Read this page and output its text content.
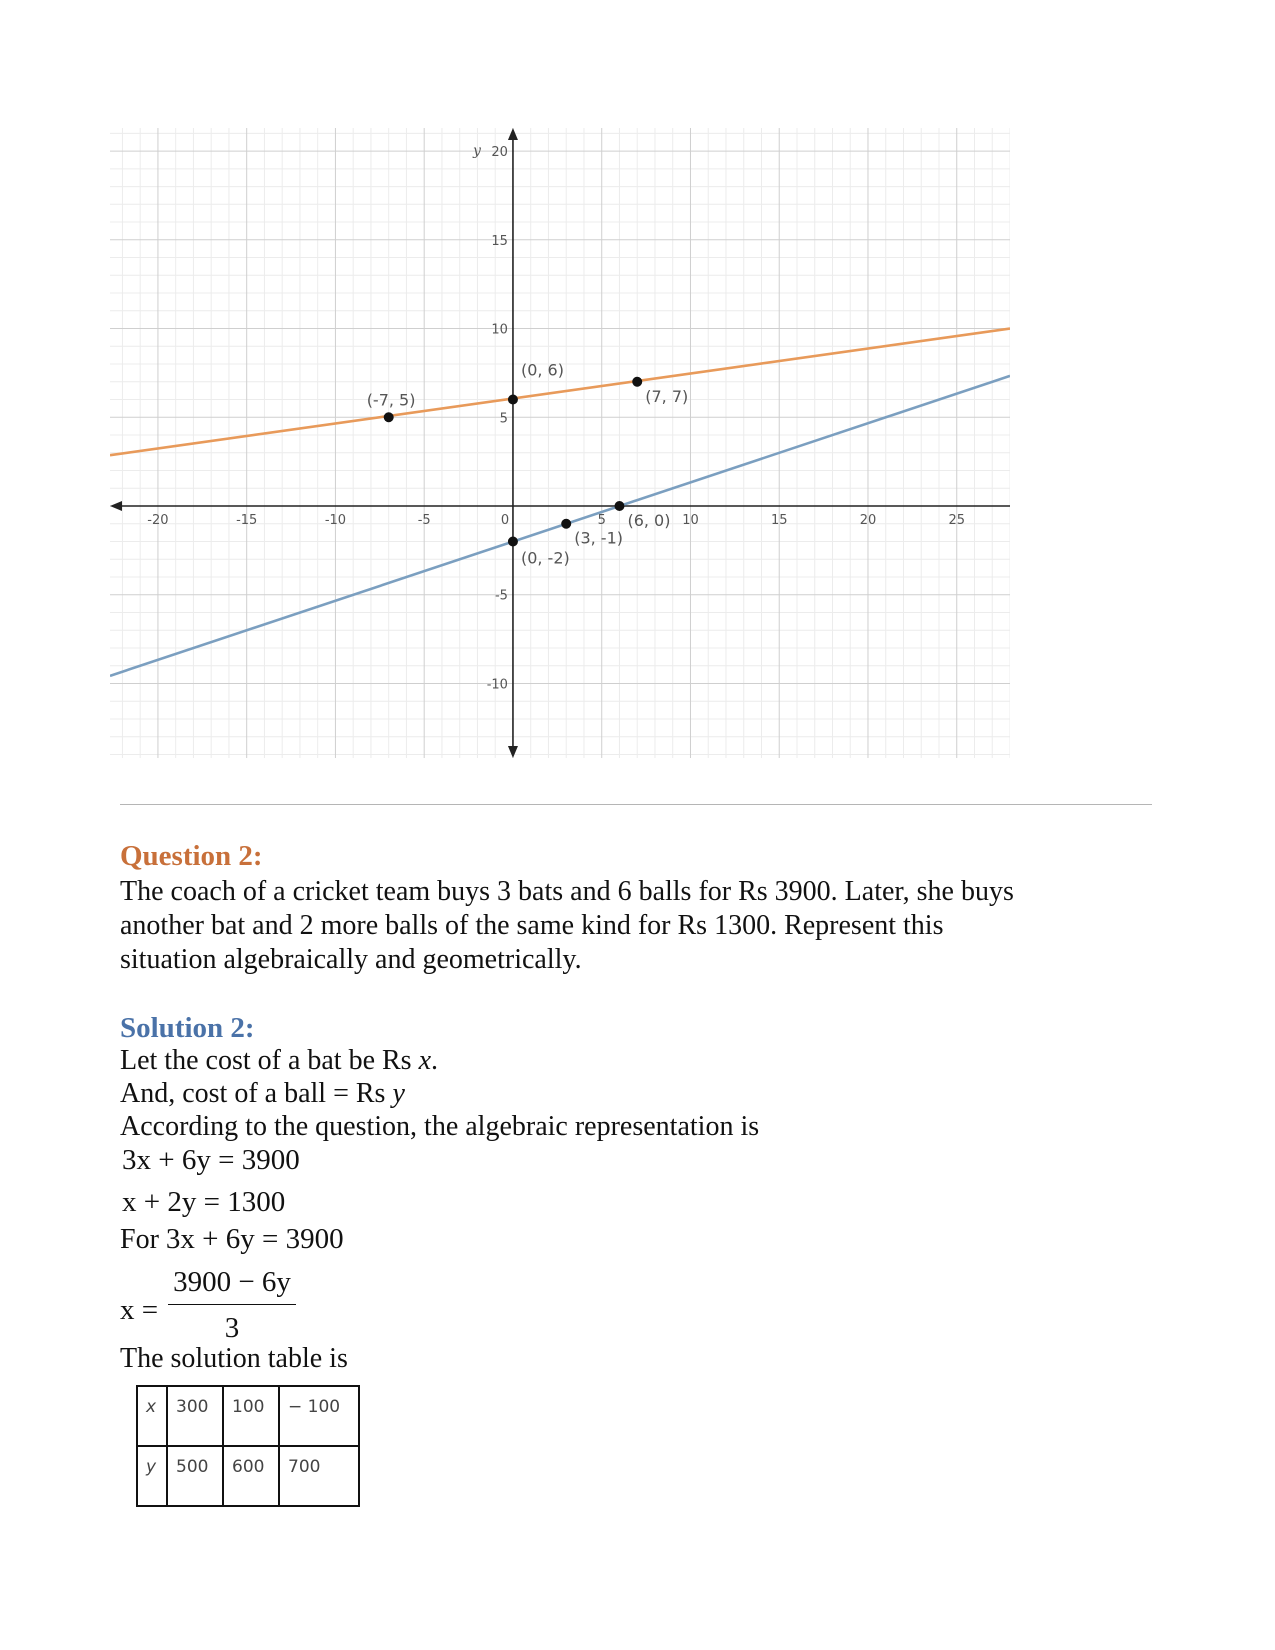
-20	-15	-10	-5	0	5	10	15	20	25
20
15
10
5
-5
-10
y
(-7, 5)
(0, 6)
(7, 7)
(0, -2)
(3, -1)
(6, 0)
Question 2:
The coach of a cricket team buys 3 bats and 6 balls for Rs 3900. Later, she buys another bat and 2 more balls of the same kind for Rs 1300. Represent this situation algebraically and geometrically.
Solution 2:
Let the cost of a bat be Rs x.
And, cost of a ball = Rs y
According to the question, the algebraic representation is
3x + 6y = 3900
x + 2y = 1300
For 3x + 6y = 3900
x =
3900 − 6y
3
The solution table is
x	300	100	− 100
y	500	600	700
